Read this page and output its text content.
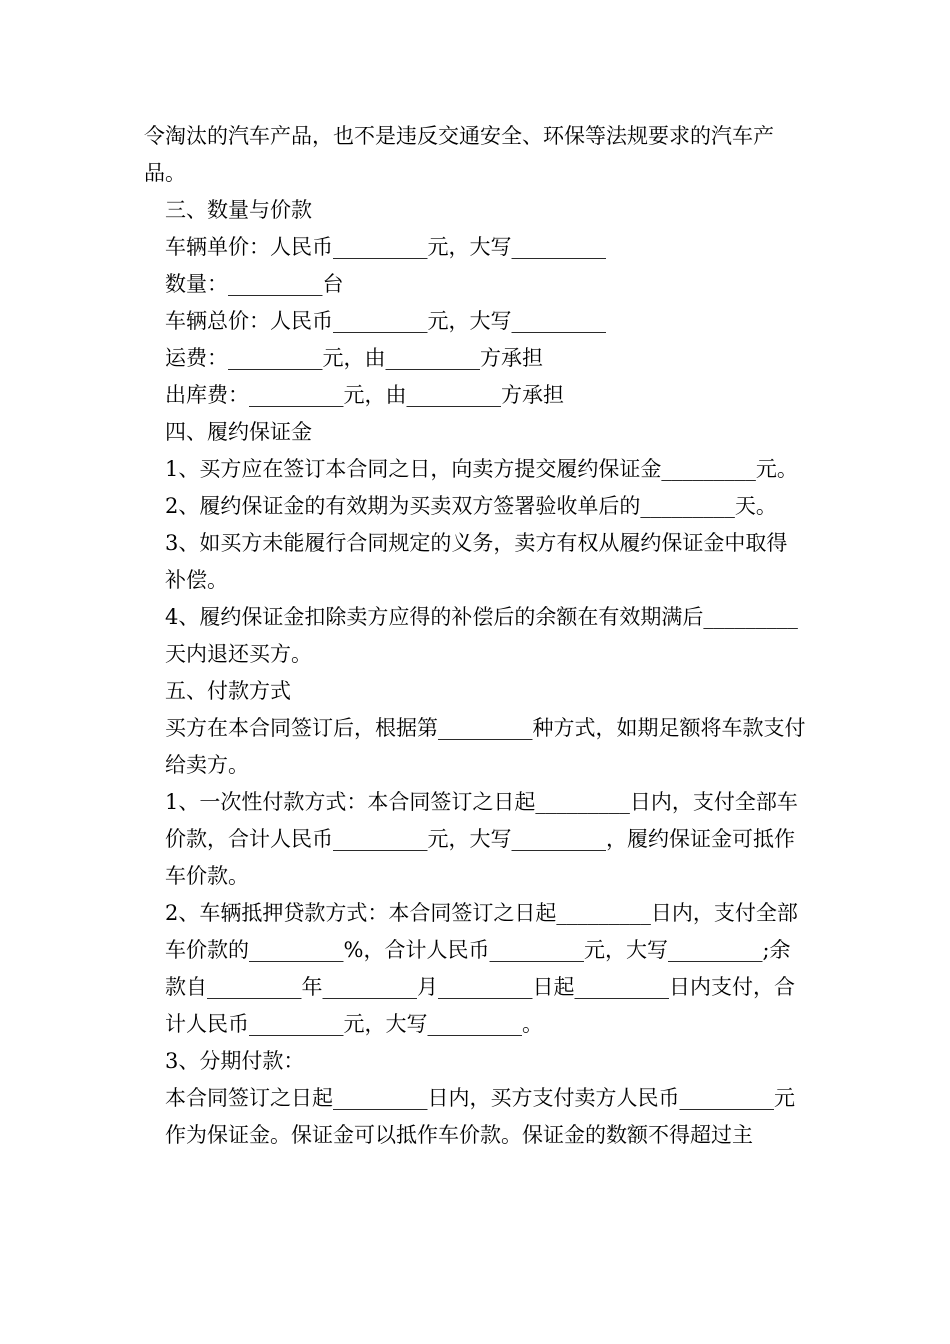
令淘汰的汽车产品，也不是违反交通安全、环保等法规要求的汽车产品。

三、数量与价款

车辆单价：人民币_________元，大写_________

数量：_________台

车辆总价：人民币_________元，大写_________

运费：_________元，由_________方承担

出库费：_________元，由_________方承担

四、履约保证金

1、买方应在签订本合同之日，向卖方提交履约保证金_________元。

2、履约保证金的有效期为买卖双方签署验收单后的_________天。

3、如买方未能履行合同规定的义务，卖方有权从履约保证金中取得补偿。

4、履约保证金扣除卖方应得的补偿后的余额在有效期满后_________天内退还买方。

五、付款方式

买方在本合同签订后，根据第_________种方式，如期足额将车款支付给卖方。

1、一次性付款方式：本合同签订之日起_________日内，支付全部车价款，合计人民币_________元，大写_________，履约保证金可抵作车价款。

2、车辆抵押贷款方式：本合同签订之日起_________日内，支付全部车价款的_________%，合计人民币_________元，大写_________;余款自_________年_________月_________日起_________日内支付，合计人民币_________元，大写_________。

3、分期付款：

本合同签订之日起_________日内，买方支付卖方人民币_________元作为保证金。保证金可以抵作车价款。保证金的数额不得超过主
